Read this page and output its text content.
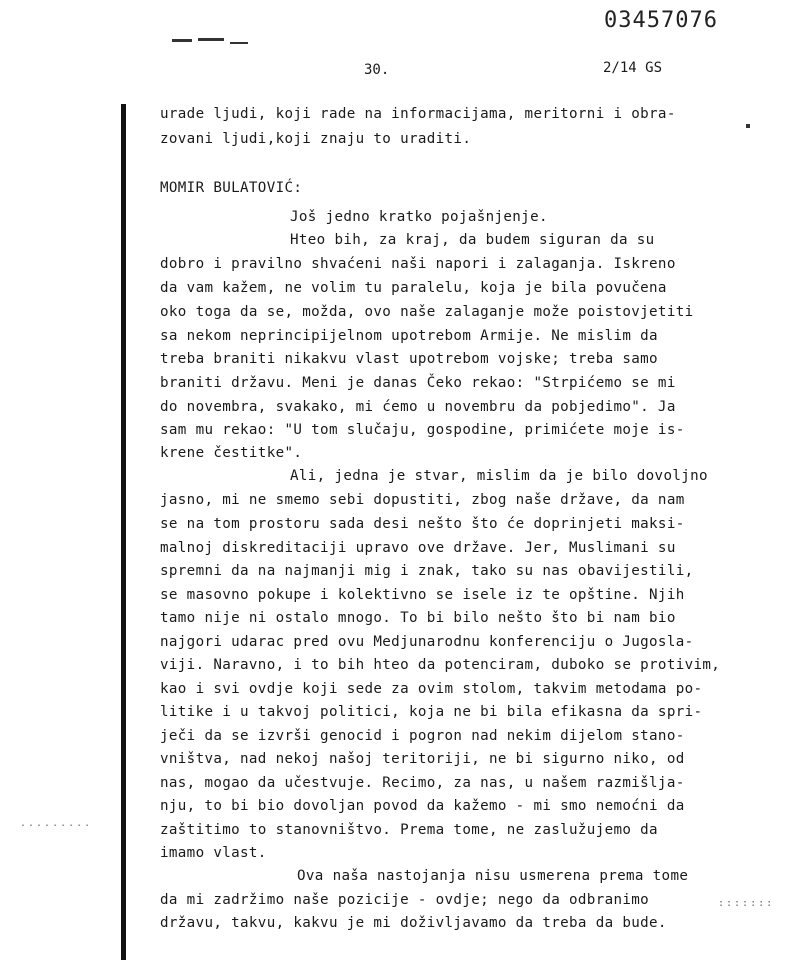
03457076
30.	2/14 GS
.........
:::::::
urade ljudi, koji rade na informacijama, meritorni i obra-
zovani ljudi,koji znaju to uraditi.
MOMIR BULATOVIĆ:
Još jedno kratko pojašnjenje.
Hteo bih, za kraj, da budem siguran da su
dobro i pravilno shvaćeni naši napori i zalaganja. Iskreno
da vam kažem, ne volim tu paralelu, koja je bila povučena
oko toga da se, možda, ovo naše zalaganje može poistovjetiti
sa nekom neprincipijelnom upotrebom Armije. Ne mislim da
treba braniti nikakvu vlast upotrebom vojske; treba samo
braniti državu. Meni je danas Čeko rekao: "Strpićemo se mi
do novembra, svakako, mi ćemo u novembru da pobjedimo". Ja
sam mu rekao: "U tom slučaju, gospodine, primićete moje is-
krene čestitke".
Ali, jedna je stvar, mislim da je bilo dovoljno
jasno, mi ne smemo sebi dopustiti, zbog naše države, da nam
se na tom prostoru sada desi nešto što će doprinjeti maksi-
malnoj diskreditaciji upravo ove države. Jer, Muslimani su
spremni da na najmanji mig i znak, tako su nas obavijestili,
se masovno pokupe i kolektivno se isele iz te opštine. Njih
tamo nije ni ostalo mnogo. To bi bilo nešto što bi nam bio
najgori udarac pred ovu Medjunarodnu konferenciju o Jugosla-
viji. Naravno, i to bih hteo da potenciram, duboko se protivim,
kao i svi ovdje koji sede za ovim stolom, takvim metodama po-
litike i u takvoj politici, koja ne bi bila efikasna da spri-
ječi da se izvrši genocid i pogron nad nekim dijelom stano-
vništva, nad nekoj našoj teritoriji, ne bi sigurno niko, od
nas, mogao da učestvuje. Recimo, za nas, u našem razmišlja-
nju, to bi bio dovoljan povod da kažemo - mi smo nemoćni da
zaštitimo to stanovništvo. Prema tome, ne zaslužujemo da
imamo vlast.
Ova naša nastojanja nisu usmerena prema tome
da mi zadržimo naše pozicije - ovdje; nego da odbranimo
državu, takvu, kakvu je mi doživljavamo da treba da bude.
